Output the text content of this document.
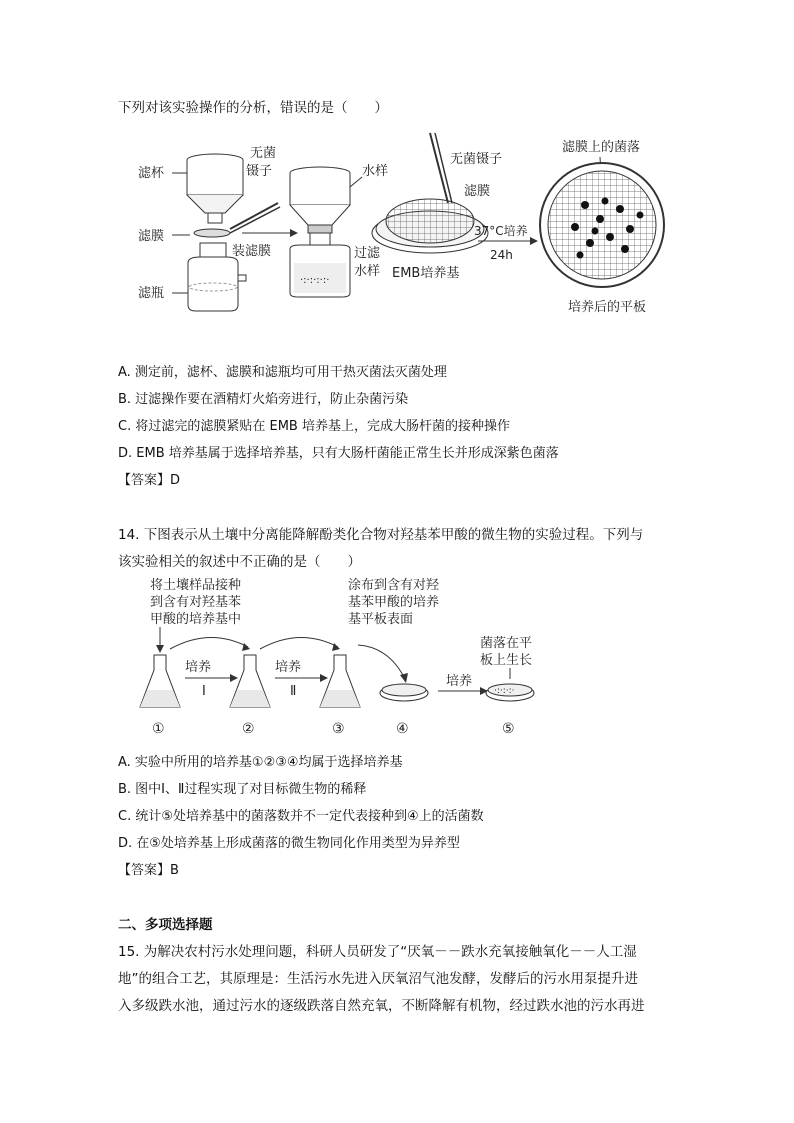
下列对该实验操作的分析，错误的是（　　）
滤杯
无菌
镊子
滤膜
滤瓶
装滤膜
·:·:·:·:·
水样
过滤
水样
无菌镊子
滤膜
EMB培养基
37°C培养
24h
滤膜上的菌落
培养后的平板
A. 测定前，滤杯、滤膜和滤瓶均可用干热灭菌法灭菌处理
B. 过滤操作要在酒精灯火焰旁进行，防止杂菌污染
C. 将过滤完的滤膜紧贴在 EMB 培养基上，完成大肠杆菌的接种操作
D. EMB 培养基属于选择培养基，只有大肠杆菌能正常生长并形成深紫色菌落
【答案】D
14. 下图表示从土壤中分离能降解酚类化合物对羟基苯甲酸的微生物的实验过程。下列与
该实验相关的叙述中不正确的是（　　）
将土壤样品接种
到含有对羟基苯
甲酸的培养基中
培养
Ⅰ
培养
Ⅱ
涂布到含有对羟
基苯甲酸的培养
基平板表面
培养
菌落在平
板上生长
·:·:·:·
①	②	③	④	⑤
A. 实验中所用的培养基①②③④均属于选择培养基
B. 图中Ⅰ、Ⅱ过程实现了对目标微生物的稀释
C. 统计⑤处培养基中的菌落数并不一定代表接种到④上的活菌数
D. 在⑤处培养基上形成菌落的微生物同化作用类型为异养型
【答案】B
二、多项选择题
15. 为解决农村污水处理问题，科研人员研发了“厌氧－－跌水充氧接触氧化－－人工湿
地”的组合工艺，其原理是：生活污水先进入厌氧沼气池发酵，发酵后的污水用泵提升进
入多级跌水池，通过污水的逐级跌落自然充氧，不断降解有机物，经过跌水池的污水再进
